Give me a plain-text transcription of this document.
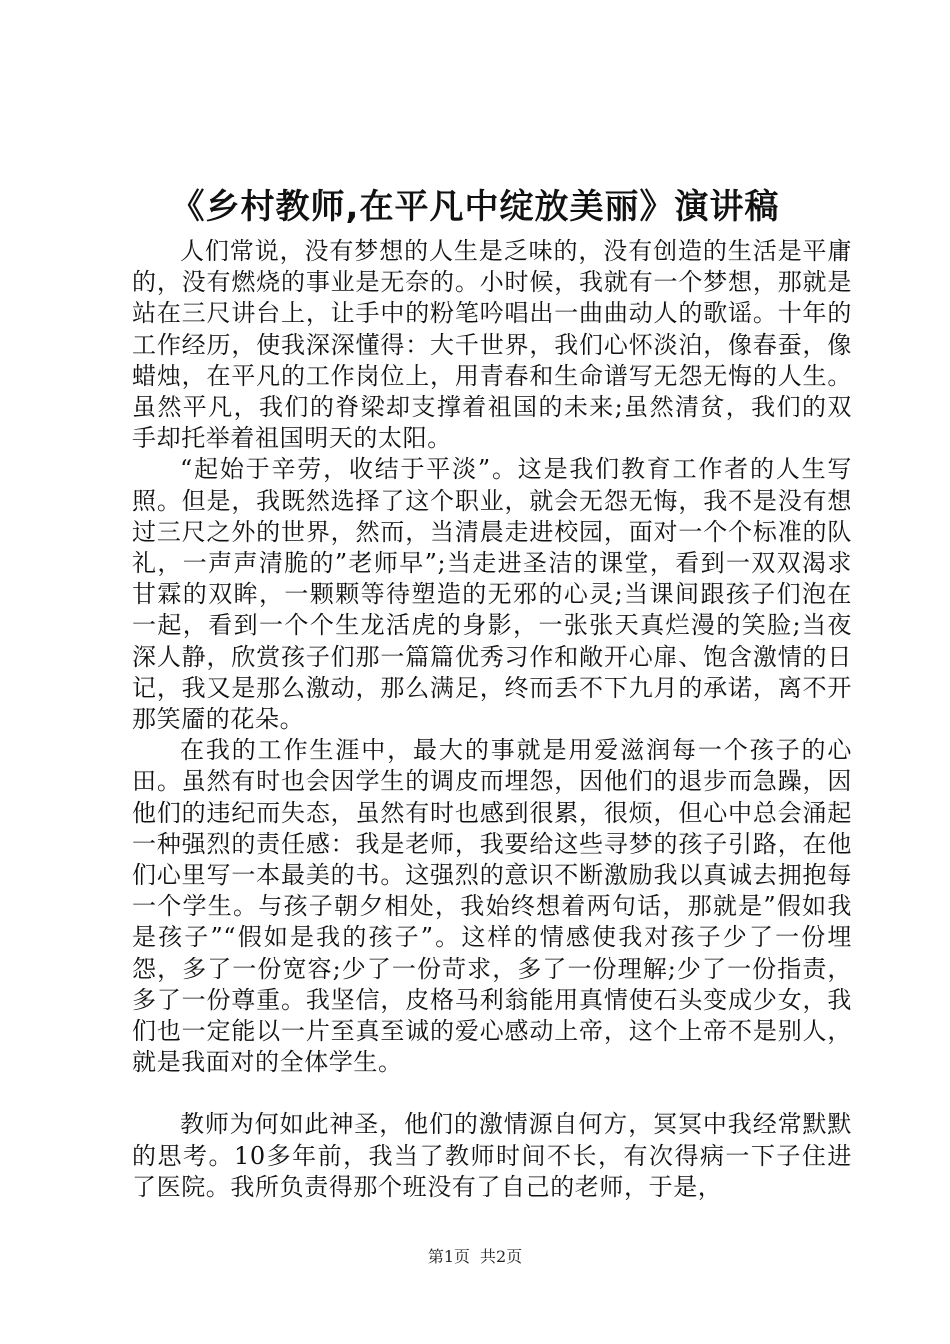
《乡村教师,在平凡中绽放美丽》演讲稿

人们常说，没有梦想的人生是乏味的，没有创造的生活是平庸的，没有燃烧的事业是无奈的。小时候，我就有一个梦想，那就是站在三尺讲台上，让手中的粉笔吟唱出一曲曲动人的歌谣。十年的工作经历，使我深深懂得：大千世界，我们心怀淡泊，像春蚕，像蜡烛，在平凡的工作岗位上，用青春和生命谱写无怨无悔的人生。虽然平凡，我们的脊梁却支撑着祖国的未来;虽然清贫，我们的双手却托举着祖国明天的太阳。

“起始于辛劳，收结于平淡”。这是我们教育工作者的人生写照。但是，我既然选择了这个职业，就会无怨无悔，我不是没有想过三尺之外的世界，然而，当清晨走进校园，面对一个个标准的队礼，一声声清脆的”老师早”;当走进圣洁的课堂，看到一双双渴求甘霖的双眸，一颗颗等待塑造的无邪的心灵;当课间跟孩子们泡在一起，看到一个个生龙活虎的身影，一张张天真烂漫的笑脸;当夜深人静，欣赏孩子们那一篇篇优秀习作和敞开心扉、饱含激情的日记，我又是那么激动，那么满足，终而丢不下九月的承诺，离不开那笑靥的花朵。

在我的工作生涯中，最大的事就是用爱滋润每一个孩子的心田。虽然有时也会因学生的调皮而埋怨，因他们的退步而急躁，因他们的违纪而失态，虽然有时也感到很累，很烦，但心中总会涌起一种强烈的责任感：我是老师，我要给这些寻梦的孩子引路，在他们心里写一本最美的书。这强烈的意识不断激励我以真诚去拥抱每一个学生。与孩子朝夕相处，我始终想着两句话，那就是”假如我是孩子”“假如是我的孩子”。这样的情感使我对孩子少了一份埋怨，多了一份宽容;少了一份苛求，多了一份理解;少了一份指责，多了一份尊重。我坚信，皮格马利翁能用真情使石头变成少女，我们也一定能以一片至真至诚的爱心感动上帝，这个上帝不是别人，就是我面对的全体学生。

教师为何如此神圣，他们的激情源自何方，冥冥中我经常默默的思考。10多年前，我当了教师时间不长，有次得病一下子住进了医院。我所负责得那个班没有了自己的老师，于是，

第1页 共2页
